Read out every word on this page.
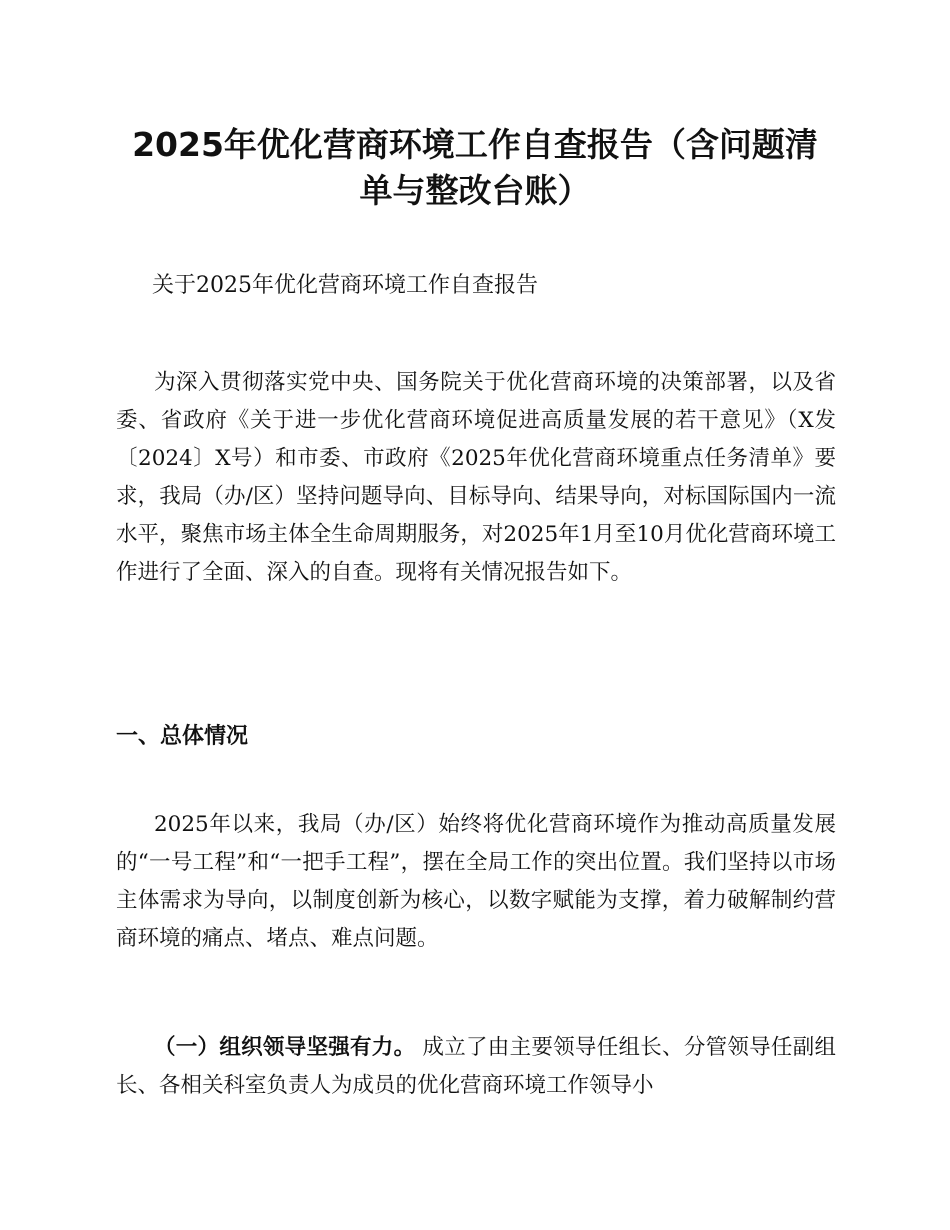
2025年优化营商环境工作自查报告（含问题清单与整改台账）

关于2025年优化营商环境工作自查报告

为深入贯彻落实党中央、国务院关于优化营商环境的决策部署，以及省委、省政府《关于进一步优化营商环境促进高质量发展的若干意见》（X发〔2024〕X号）和市委、市政府《2025年优化营商环境重点任务清单》要求，我局（办/区）坚持问题导向、目标导向、结果导向，对标国际国内一流水平，聚焦市场主体全生命周期服务，对2025年1月至10月优化营商环境工作进行了全面、深入的自查。现将有关情况报告如下。

一、总体情况

2025年以来，我局（办/区）始终将优化营商环境作为推动高质量发展的“一号工程”和“一把手工程”，摆在全局工作的突出位置。我们坚持以市场主体需求为导向，以制度创新为核心，以数字赋能为支撑，着力破解制约营商环境的痛点、堵点、难点问题。

（一）组织领导坚强有力。 成立了由主要领导任组长、分管领导任副组长、各相关科室负责人为成员的优化营商环境工作领导小
